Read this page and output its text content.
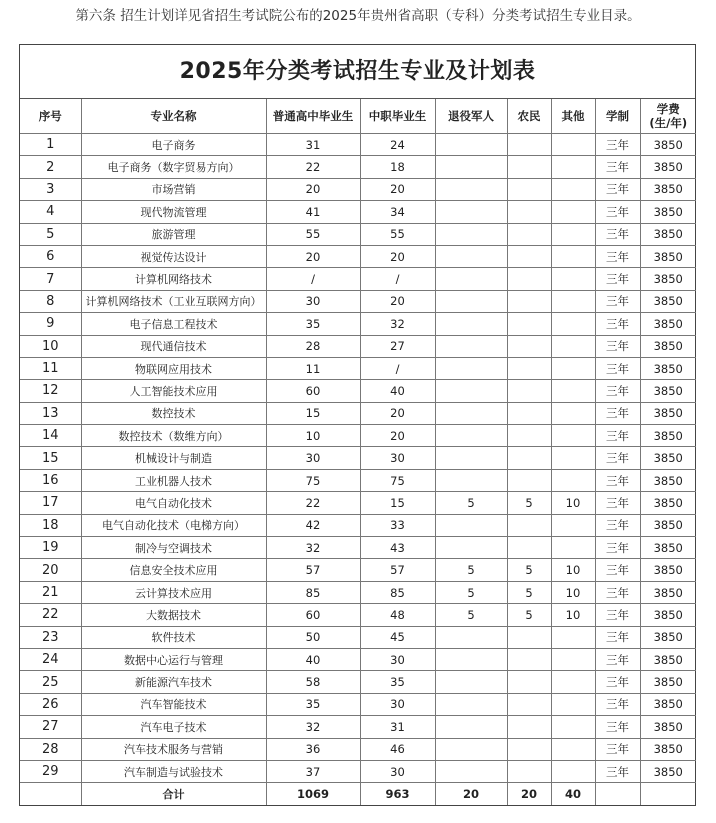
第六条 招生计划详见省招生考试院公布的2025年贵州省高职（专科）分类考试招生专业目录。
2025年分类考试招生专业及计划表
序号	专业名称	普通高中毕业生	中职毕业生	退役军人	农民	其他	学制	学费
(生/年)

1	电子商务	31	24				三年	3850
2	电子商务（数字贸易方向）	22	18				三年	3850
3	市场营销	20	20				三年	3850
4	现代物流管理	41	34				三年	3850
5	旅游管理	55	55				三年	3850
6	视觉传达设计	20	20				三年	3850
7	计算机网络技术	/	/				三年	3850
8	计算机网络技术（工业互联网方向）	30	20				三年	3850
9	电子信息工程技术	35	32				三年	3850
10	现代通信技术	28	27				三年	3850
11	物联网应用技术	11	/				三年	3850
12	人工智能技术应用	60	40				三年	3850
13	数控技术	15	20				三年	3850
14	数控技术（数维方向）	10	20				三年	3850
15	机械设计与制造	30	30				三年	3850
16	工业机器人技术	75	75				三年	3850
17	电气自动化技术	22	15	5	5	10	三年	3850
18	电气自动化技术（电梯方向）	42	33				三年	3850
19	制冷与空调技术	32	43				三年	3850
20	信息安全技术应用	57	57	5	5	10	三年	3850
21	云计算技术应用	85	85	5	5	10	三年	3850
22	大数据技术	60	48	5	5	10	三年	3850
23	软件技术	50	45				三年	3850
24	数据中心运行与管理	40	30				三年	3850
25	新能源汽车技术	58	35				三年	3850
26	汽车智能技术	35	30				三年	3850
27	汽车电子技术	32	31				三年	3850
28	汽车技术服务与营销	36	46				三年	3850
29	汽车制造与试验技术	37	30				三年	3850
	合计	1069	963	20	20	40		
